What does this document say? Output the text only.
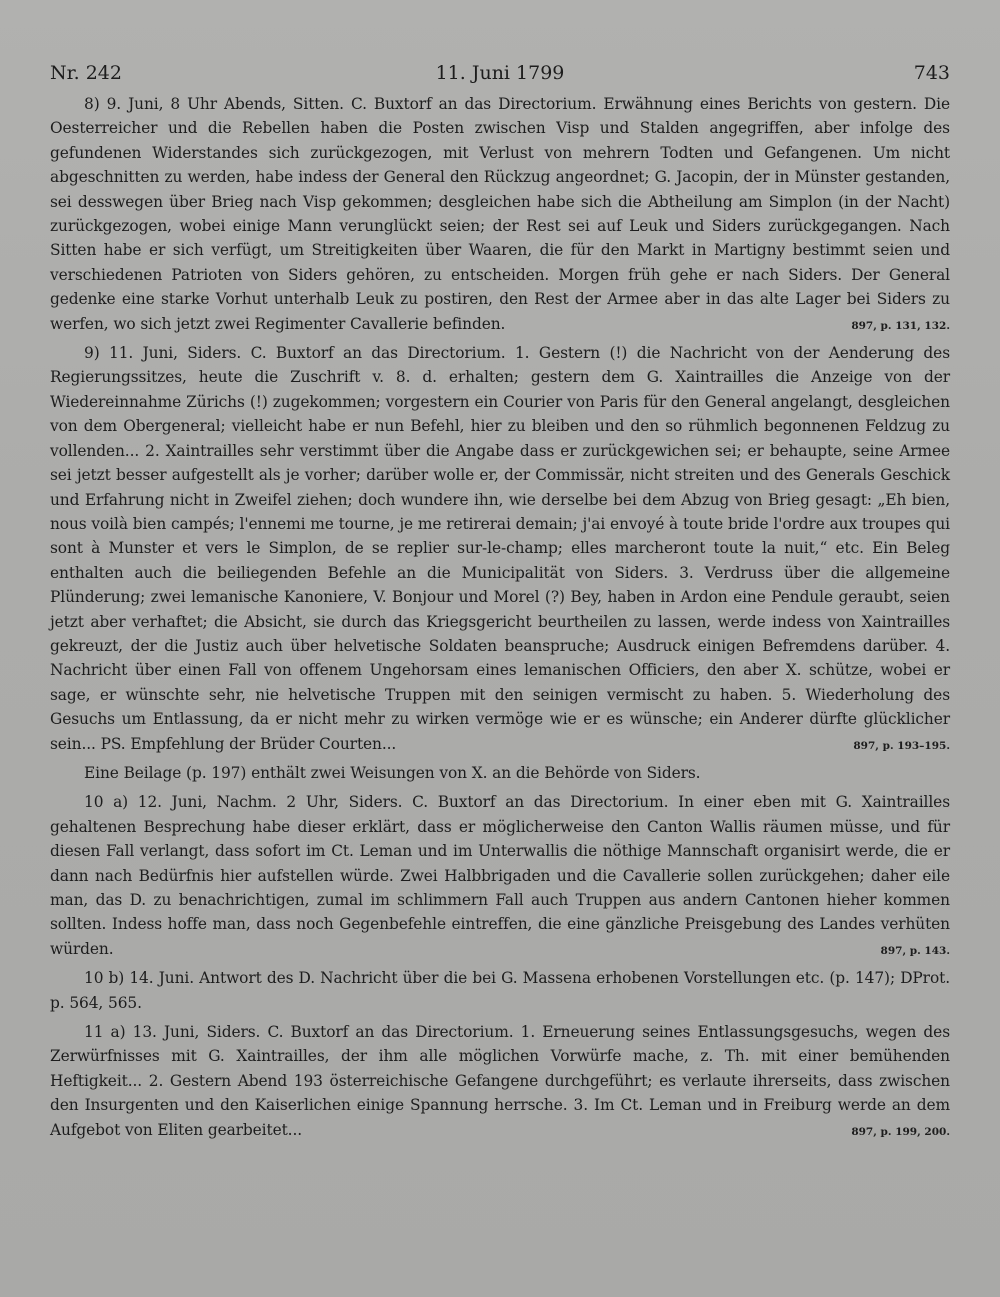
Nr. 242	11. Juni 1799	743

8) 9. Juni, 8 Uhr Abends, Sitten. C. Buxtorf an das Directorium. Erwähnung eines Berichts von gestern. Die Oesterreicher und die Rebellen haben die Posten zwischen Visp und Stalden angegriffen, aber infolge des gefundenen Widerstandes sich zurückgezogen, mit Verlust von mehrern Todten und Gefangenen. Um nicht abgeschnitten zu werden, habe indess der General den Rückzug angeordnet; G. Jacopin, der in Münster gestanden, sei desswegen über Brieg nach Visp gekommen; desgleichen habe sich die Abtheilung am Simplon (in der Nacht) zurückgezogen, wobei einige Mann verunglückt seien; der Rest sei auf Leuk und Siders zurückgegangen. Nach Sitten habe er sich verfügt, um Streitigkeiten über Waaren, die für den Markt in Martigny bestimmt seien und verschiedenen Patrioten von Siders gehören, zu entscheiden. Morgen früh gehe er nach Siders. Der General gedenke eine starke Vorhut unterhalb Leuk zu postiren, den Rest der Armee aber in das alte Lager bei Siders zu werfen, wo sich jetzt zwei Regimenter Cavallerie befinden.	897, p. 131, 132.

9) 11. Juni, Siders. C. Buxtorf an das Directorium. 1. Gestern (!) die Nachricht von der Aenderung des Regierungssitzes, heute die Zuschrift v. 8. d. erhalten; gestern dem G. Xaintrailles die Anzeige von der Wiedereinnahme Zürichs (!) zugekommen; vorgestern ein Courier von Paris für den General angelangt, desgleichen von dem Obergeneral; vielleicht habe er nun Befehl, hier zu bleiben und den so rühmlich begonnenen Feldzug zu vollenden... 2. Xaintrailles sehr verstimmt über die Angabe dass er zurückgewichen sei; er behaupte, seine Armee sei jetzt besser aufgestellt als je vorher; darüber wolle er, der Commissär, nicht streiten und des Generals Geschick und Erfahrung nicht in Zweifel ziehen; doch wundere ihn, wie derselbe bei dem Abzug von Brieg gesagt: „Eh bien, nous voilà bien campés; l'ennemi me tourne, je me retirerai demain; j'ai envoyé à toute bride l'ordre aux troupes qui sont à Munster et vers le Simplon, de se replier sur-le-champ; elles marcheront toute la nuit,“ etc. Ein Beleg enthalten auch die beiliegenden Befehle an die Municipalität von Siders. 3. Verdruss über die allgemeine Plünderung; zwei lemanische Kanoniere, V. Bonjour und Morel (?) Bey, haben in Ardon eine Pendule geraubt, seien jetzt aber verhaftet; die Absicht, sie durch das Kriegsgericht beurtheilen zu lassen, werde indess von Xaintrailles gekreuzt, der die Justiz auch über helvetische Soldaten beanspruche; Ausdruck einigen Befremdens darüber. 4. Nachricht über einen Fall von offenem Ungehorsam eines lemanischen Officiers, den aber X. schütze, wobei er sage, er wünschte sehr, nie helvetische Truppen mit den seinigen vermischt zu haben. 5. Wiederholung des Gesuchs um Entlassung, da er nicht mehr zu wirken vermöge wie er es wünsche; ein Anderer dürfte glücklicher sein... PS. Empfehlung der Brüder Courten...	897, p. 193–195.

Eine Beilage (p. 197) enthält zwei Weisungen von X. an die Behörde von Siders.

10 a) 12. Juni, Nachm. 2 Uhr, Siders. C. Buxtorf an das Directorium. In einer eben mit G. Xaintrailles gehaltenen Besprechung habe dieser erklärt, dass er möglicherweise den Canton Wallis räumen müsse, und für diesen Fall verlangt, dass sofort im Ct. Leman und im Unterwallis die nöthige Mannschaft organisirt werde, die er dann nach Bedürfnis hier aufstellen würde. Zwei Halbbrigaden und die Cavallerie sollen zurückgehen; daher eile man, das D. zu benachrichtigen, zumal im schlimmern Fall auch Truppen aus andern Cantonen hieher kommen sollten. Indess hoffe man, dass noch Gegenbefehle eintreffen, die eine gänzliche Preisgebung des Landes verhüten würden.	897, p. 143.

10 b) 14. Juni. Antwort des D. Nachricht über die bei G. Massena erhobenen Vorstellungen etc. (p. 147); DProt. p. 564, 565.

11 a) 13. Juni, Siders. C. Buxtorf an das Directorium. 1. Erneuerung seines Entlassungsgesuchs, wegen des Zerwürfnisses mit G. Xaintrailles, der ihm alle möglichen Vorwürfe mache, z. Th. mit einer bemühenden Heftigkeit... 2. Gestern Abend 193 österreichische Gefangene durchgeführt; es verlaute ihrerseits, dass zwischen den Insurgenten und den Kaiserlichen einige Spannung herrsche. 3. Im Ct. Leman und in Freiburg werde an dem Aufgebot von Eliten gearbeitet...	897, p. 199, 200.
